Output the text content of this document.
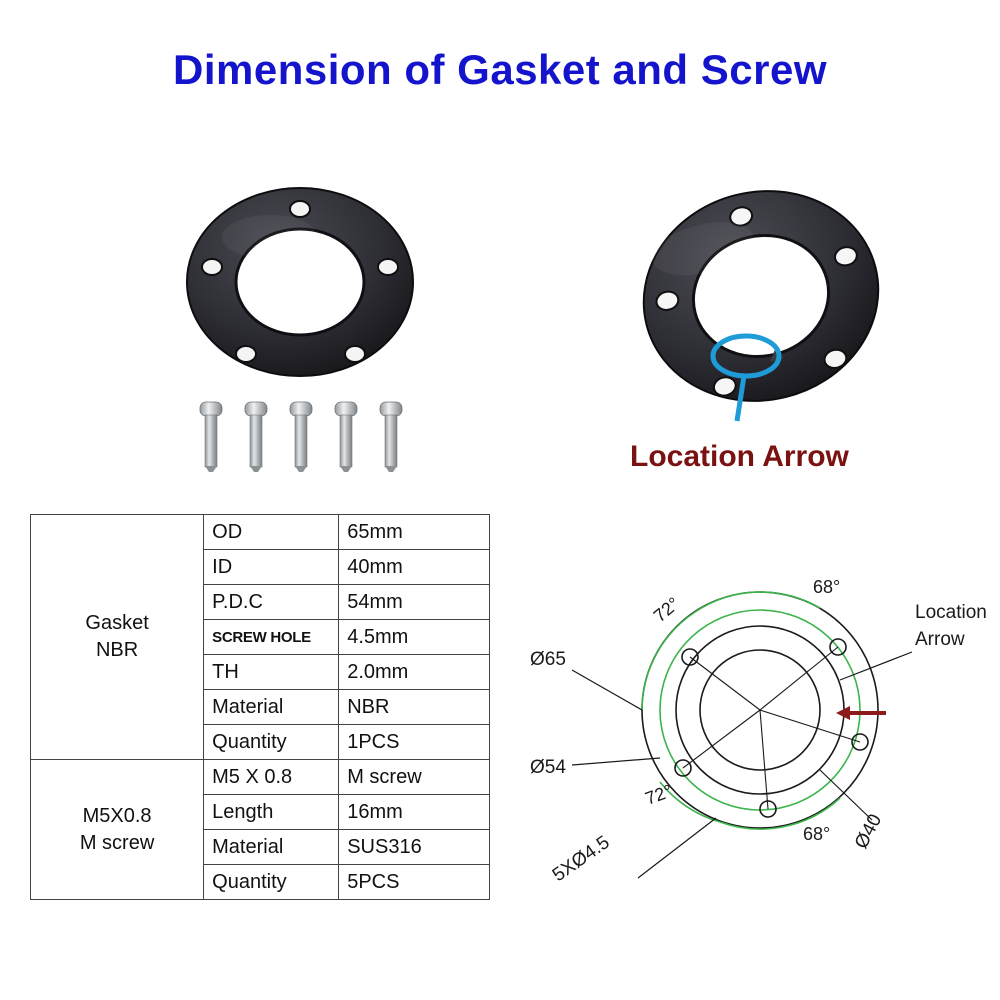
Dimension of Gasket and Screw
Location Arrow
Gasket
NBR	OD	65mm
	ID	40mm
	P.D.C	54mm
	SCREW HOLE	4.5mm
	TH	2.0mm
	Material	NBR
	Quantity	1PCS
M5X0.8
M screw	M5 X 0.8	M screw
	Length	16mm
	Material	SUS316
	Quantity	5PCS
68°
72°
72°
68°
Ø65
Ø54
Ø40
5XØ4.5
Location
Arrow
